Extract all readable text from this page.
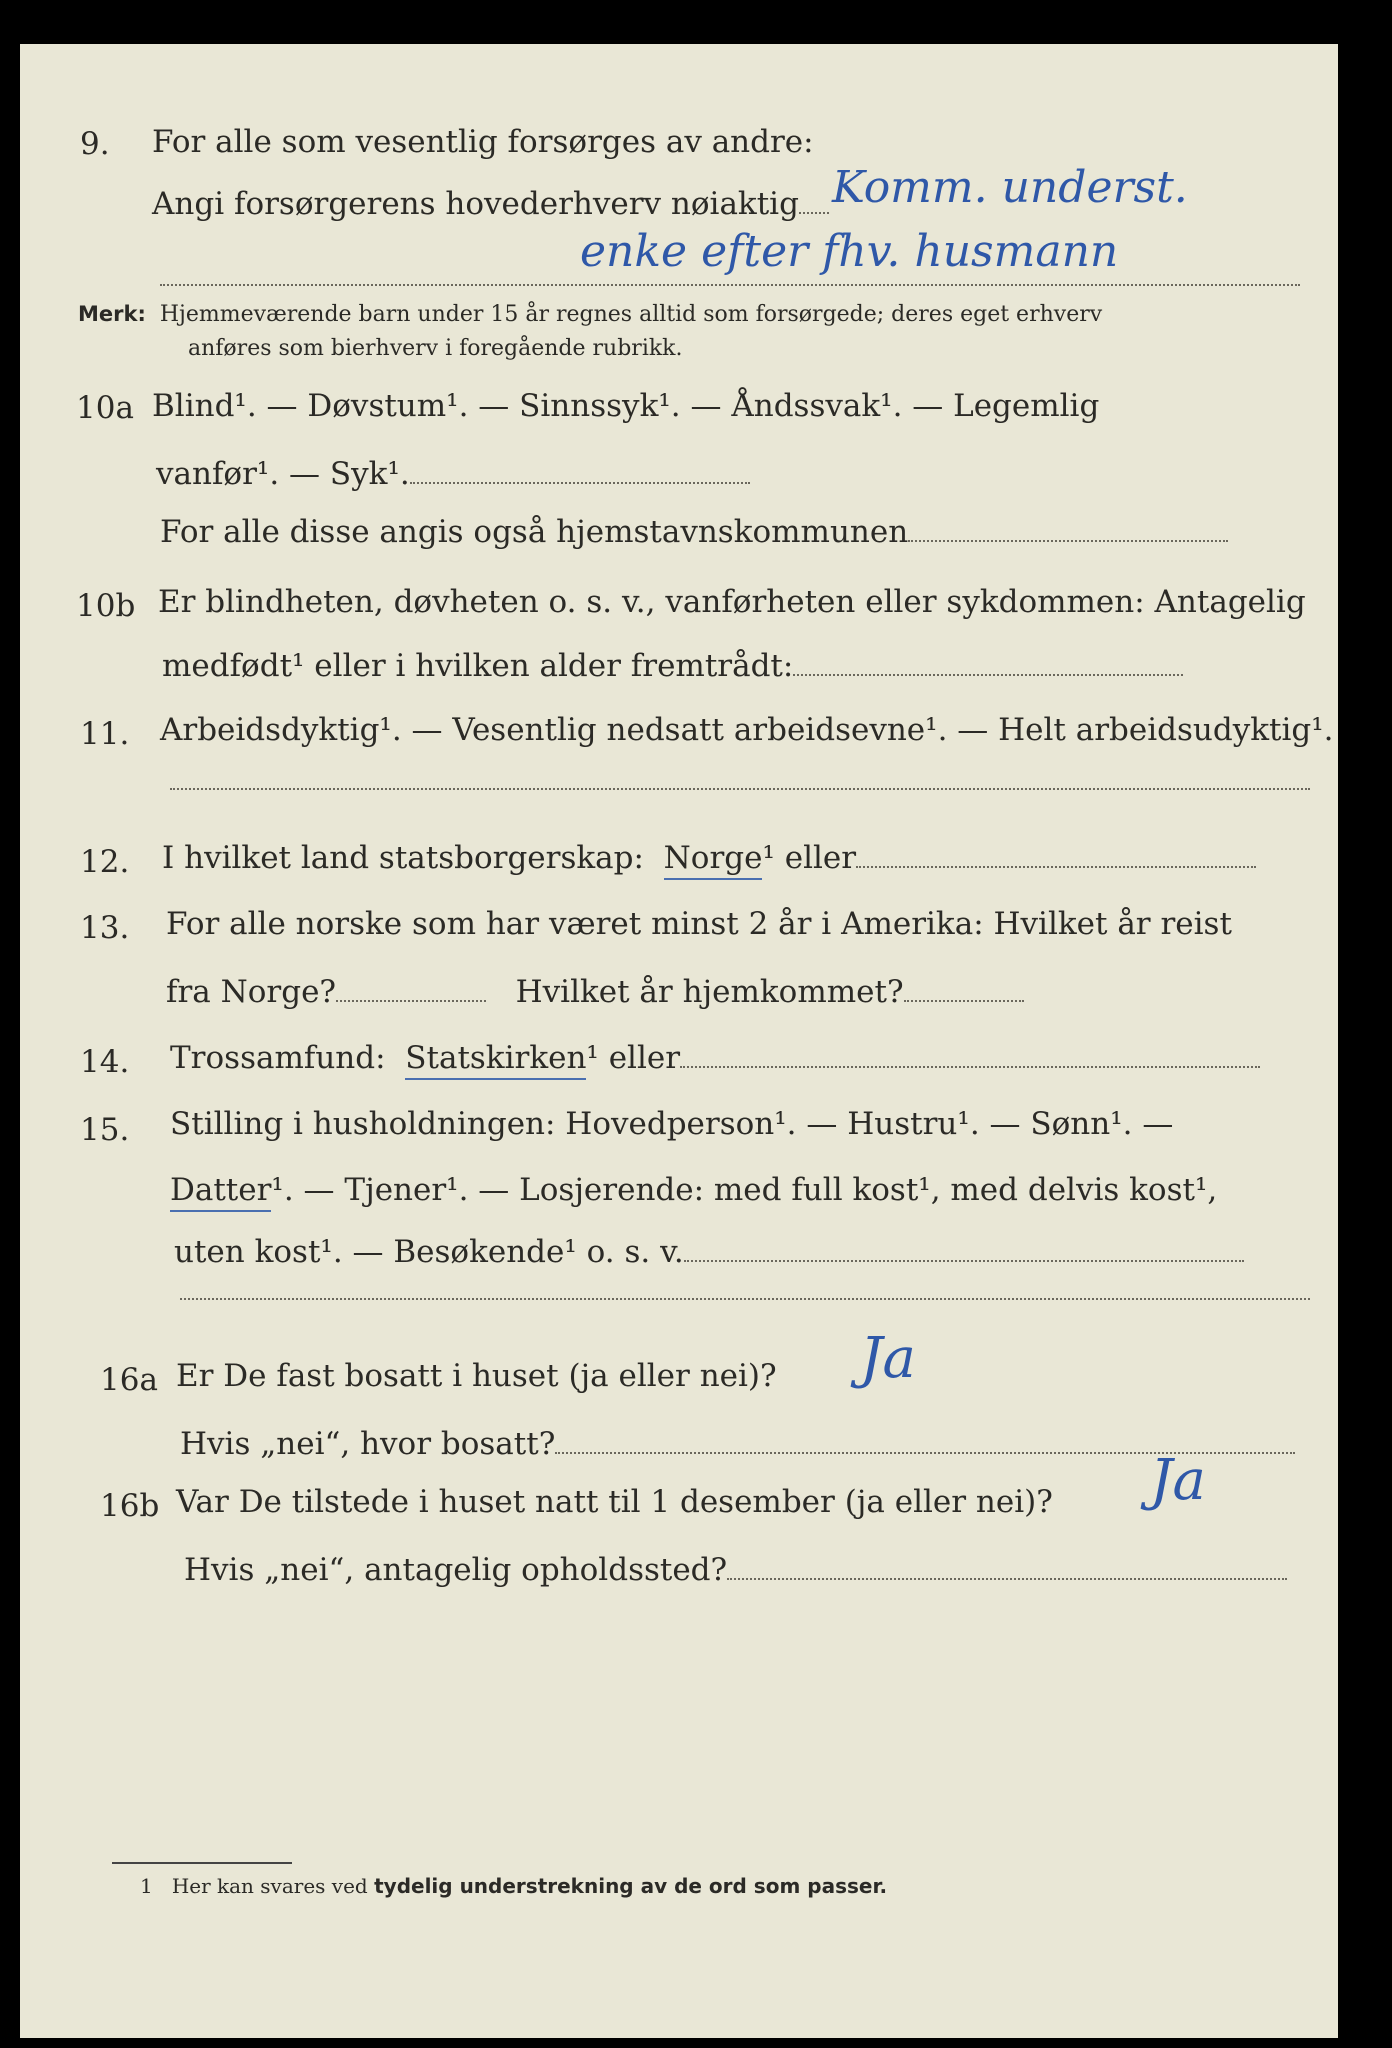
9. For alle som vesentlig forsørges av andre:
Angi forsørgerens hovederhverv nøiaktig Komm. underst.
enke efter fhv. husmann
Merk: Hjemmeværende barn under 15 år regnes alltid som forsørgede; deres eget erhverv
anføres som bierhverv i foregående rubrikk.
10a Blind¹. — Døvstum¹. — Sinnssyk¹. — Åndssvak¹. — Legemlig
vanfør¹. — Syk¹.
For alle disse angis også hjemstavnskommunen
10b Er blindheten, døvheten o. s. v., vanførheten eller sykdommen: Antagelig
medfødt¹ eller i hvilken alder fremtrådt:
11. Arbeidsdyktig¹. — Vesentlig nedsatt arbeidsevne¹. — Helt arbeidsudyktig¹.
12. I hvilket land statsborgerskap: Norge¹ eller
13. For alle norske som har været minst 2 år i Amerika: Hvilket år reist
fra Norge?	Hvilket år hjemkommet?
14. Trossamfund: Statskirken¹ eller
15. Stilling i husholdningen: Hovedperson¹. — Hustru¹. — Sønn¹. —
Datter¹. — Tjener¹. — Losjerende: med full kost¹, med delvis kost¹,
uten kost¹. — Besøkende¹ o. s. v.
16a Er De fast bosatt i huset (ja eller nei)? Ja
Hvis „nei“, hvor bosatt?
16b Var De tilstede i huset natt til 1 desember (ja eller nei)? Ja
Hvis „nei“, antagelig opholdssted?
1 Her kan svares ved tydelig understrekning av de ord som passer.
